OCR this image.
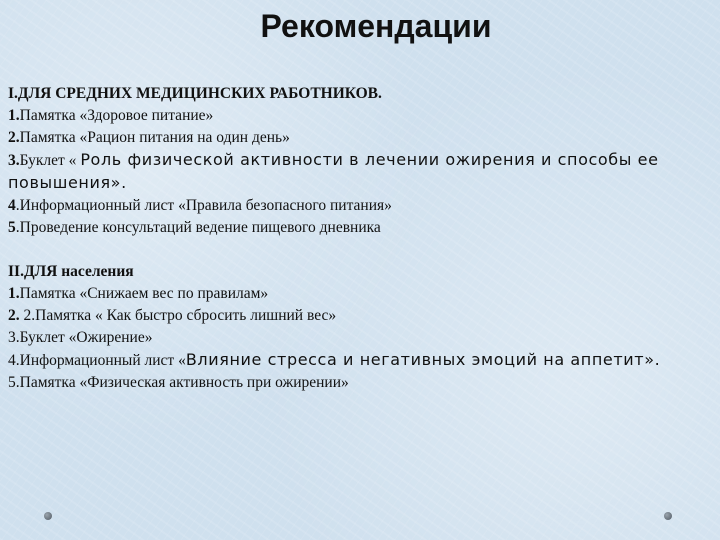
Рекомендации

I.ДЛЯ СРЕДНИХ МЕДИЦИНСКИХ РАБОТНИКОВ.

1.Памятка «Здоровое питание»

2.Памятка «Рацион питания на один день»

3.Буклет « Роль физической активности в лечении ожирения и способы ее повышения».

4.Информационный лист «Правила безопасного питания»

5.Проведение консультаций ведение пищевого дневника

II.ДЛЯ населения

1.Памятка «Снижаем вес по правилам»

2. 2.Памятка « Как быстро сбросить лишний вес»

3.Буклет «Ожирение»

4.Информационный лист «Влияние стресса и негативных эмоций на аппетит».

5.Памятка «Физическая активность при ожирении»
